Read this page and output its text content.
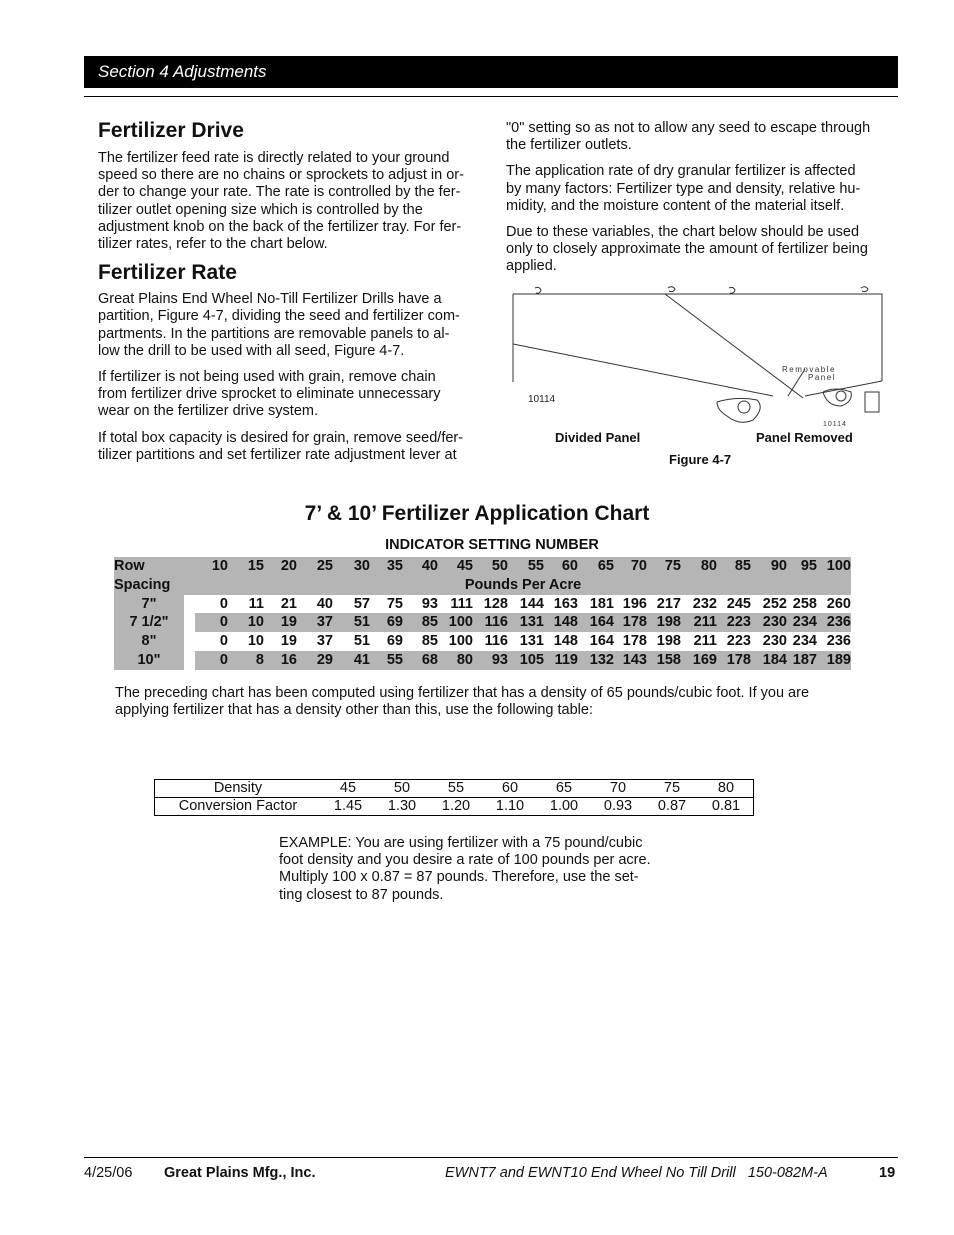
Section 4 Adjustments
Fertilizer Drive

The fertilizer feed rate is directly related to your ground
speed so there are no chains or sprockets to adjust in or-
der to change your rate. The rate is controlled by the fer-
tilizer outlet opening size which is controlled by the
adjustment knob on the back of the fertilizer tray. For fer-
tilizer rates, refer to the chart below.

Fertilizer Rate

Great Plains End Wheel No-Till Fertilizer Drills have a
partition, Figure 4-7, dividing the seed and fertilizer com-
partments. In the partitions are removable panels to al-
low the drill to be used with all seed, Figure 4-7.

If fertilizer is not being used with grain, remove chain
from fertilizer drive sprocket to eliminate unnecessary
wear on the fertilizer drive system.

If total box capacity is desired for grain, remove seed/fer-
tilizer partitions and set fertilizer rate adjustment lever at

"0" setting so as not to allow any seed to escape through
the fertilizer outlets.

The application rate of dry granular fertilizer is affected
by many factors: Fertilizer type and density, relative hu-
midity, and the moisture content of the material itself.

Due to these variables, the chart below should be used
only to closely approximate the amount of fertilizer being
applied.

Removable
Panel
10114
10114
Divided Panel	Panel Removed
Figure 4-7
7’ & 10’ Fertilizer Application Chart
INDICATOR SETTING NUMBER
Row		10	15	20	25	30	35	40	45	50	55	60	65	70	75	80	85	90	95	100
Spacing		Pounds Per Acre																		
7"		0	11	21	40	57	75	93	111	128	144	163	181	196	217	232	245	252	258	260
7 1/2"		0	10	19	37	51	69	85	100	116	131	148	164	178	198	211	223	230	234	236
8"		0	10	19	37	51	69	85	100	116	131	148	164	178	198	211	223	230	234	236
10"		0	8	16	29	41	55	68	80	93	105	119	132	143	158	169	178	184	187	189

The preceding chart has been computed using fertilizer that has a density of 65 pounds/cubic foot. If you are
applying fertilizer that has a density other than this, use the following table:

Density	45	50	55	60	65	70	75	80
Conversion Factor	1.45	1.30	1.20	1.10	1.00	0.93	0.87	0.81

EXAMPLE: You are using fertilizer with a 75 pound/cubic
foot density and you desire a rate of 100 pounds per acre.
Multiply 100 x 0.87 = 87 pounds. Therefore, use the set-
ting closest to 87 pounds.

4/25/06 Great Plains Mfg., Inc.	EWNT7 and EWNT10 End Wheel No Till Drill   150-082M-A	19
